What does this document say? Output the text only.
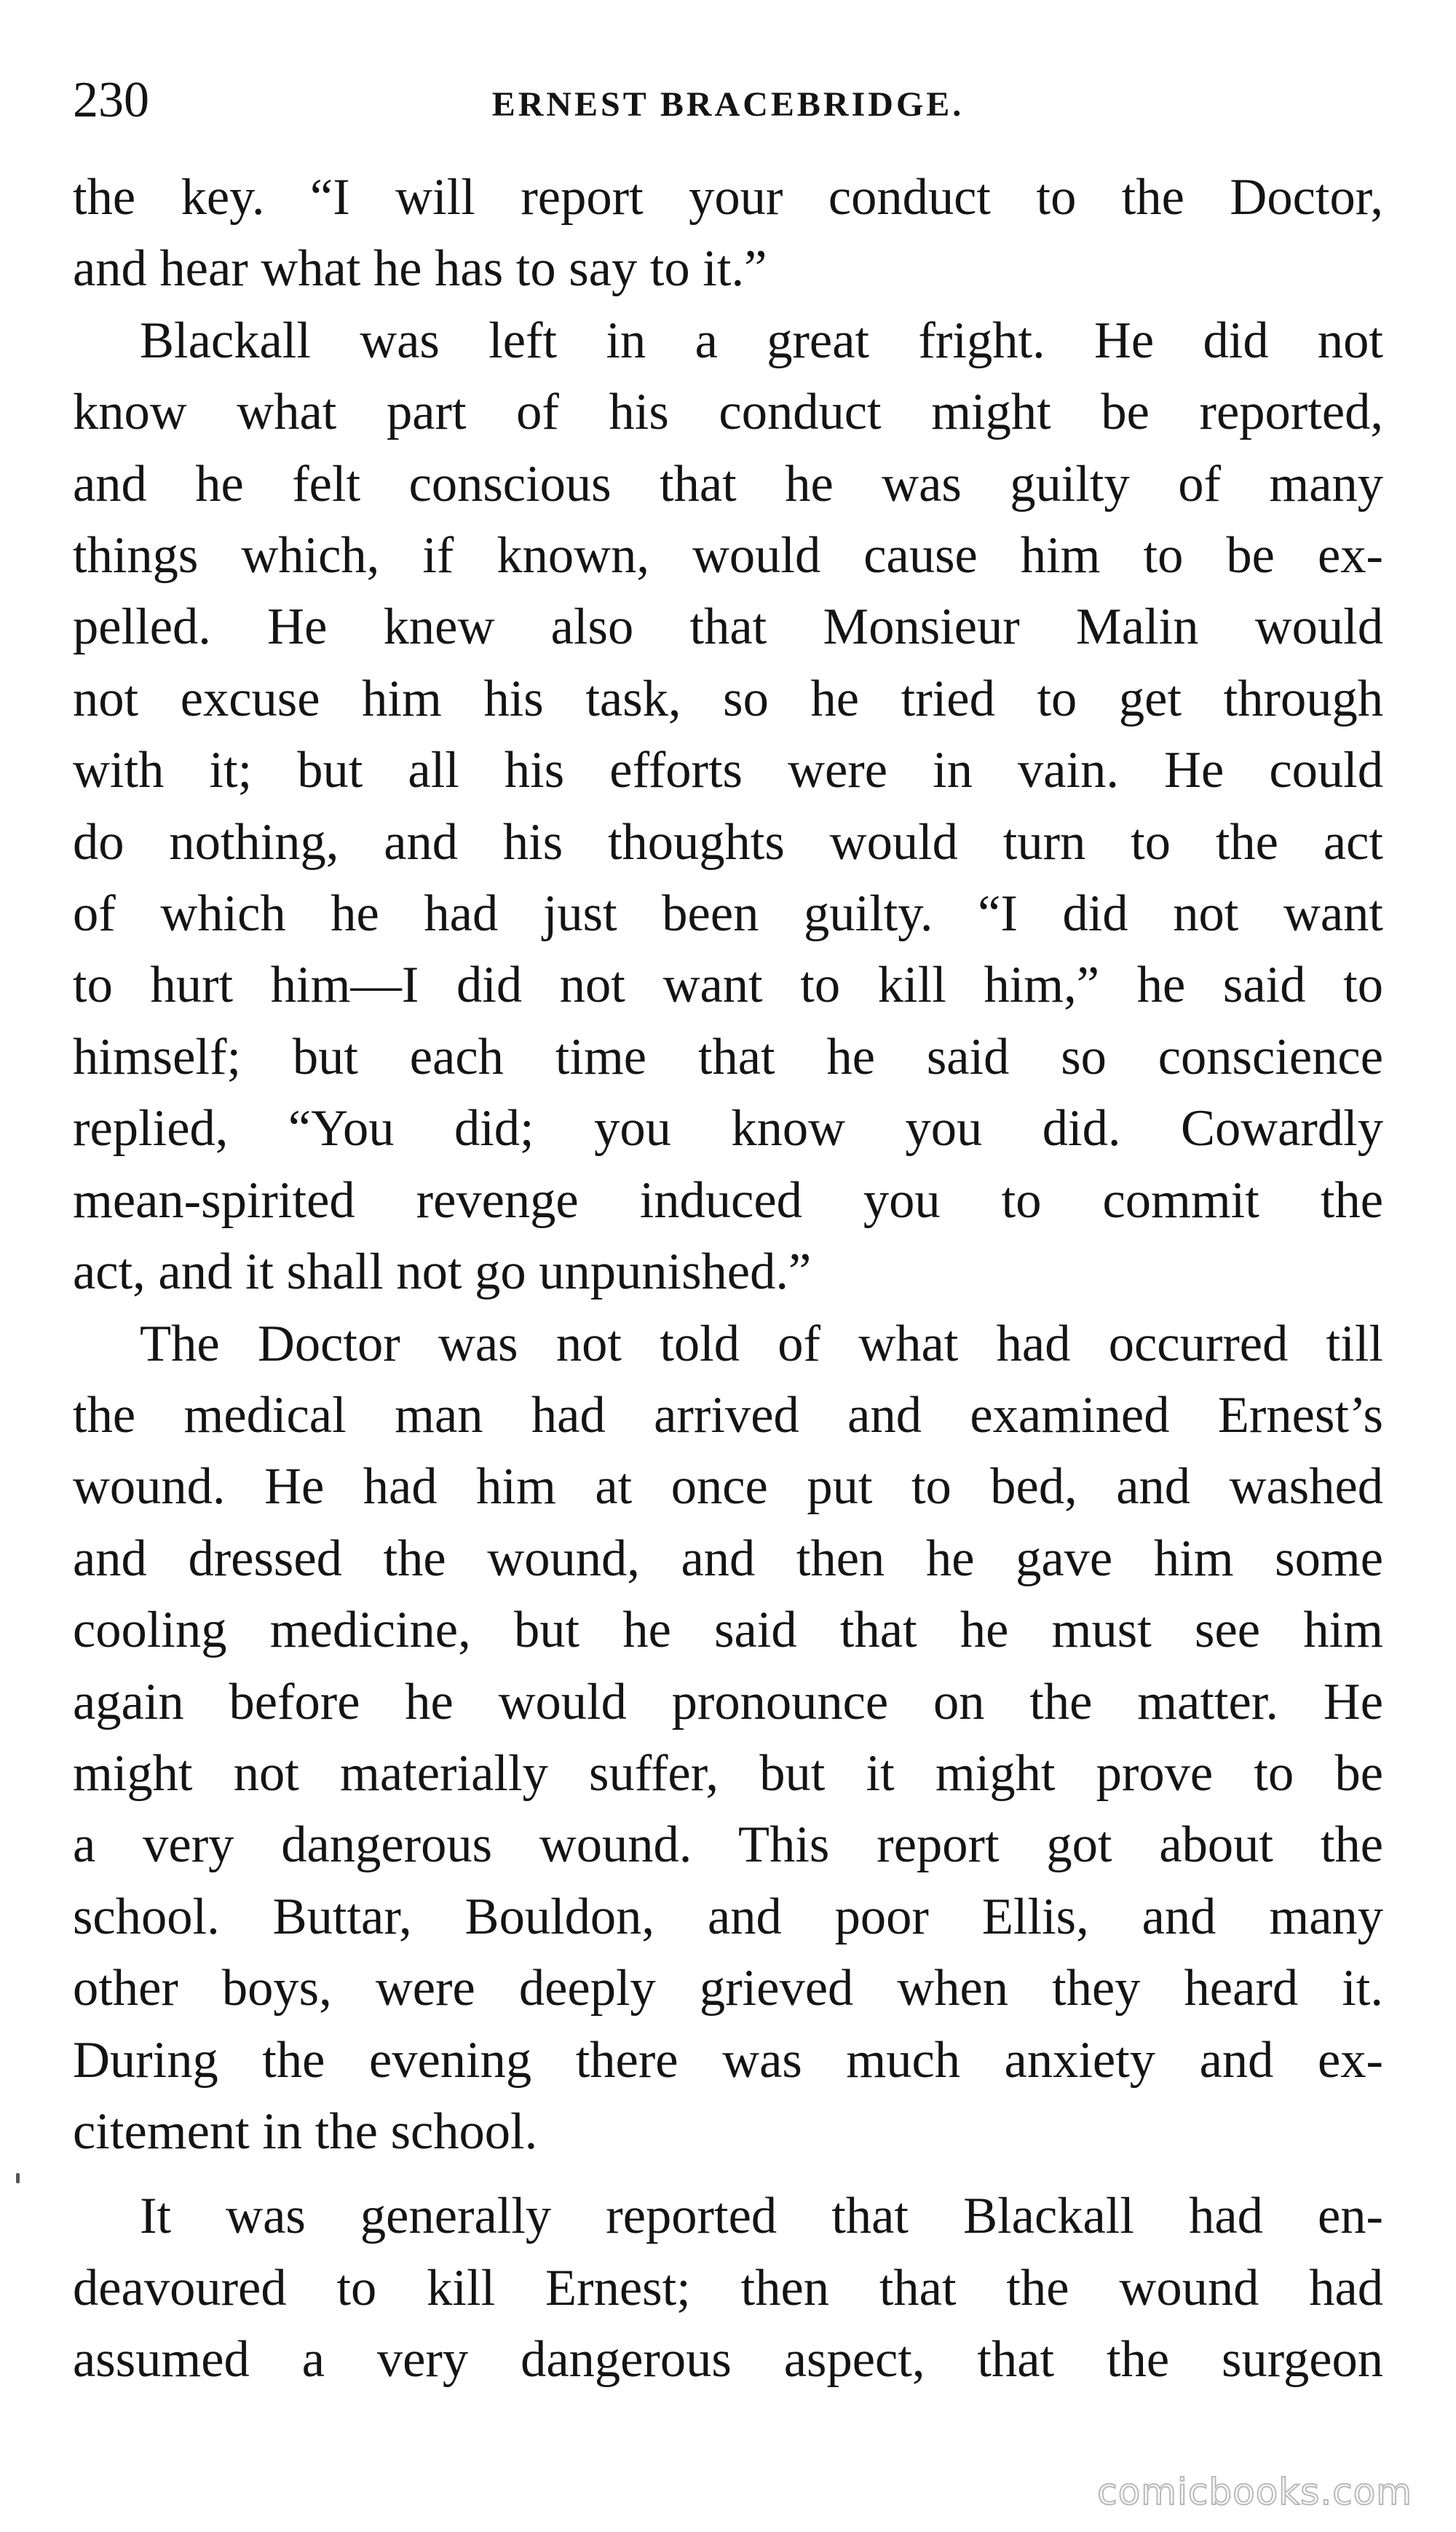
230	ERNEST BRACEBRIDGE.

the key. “I will report your conduct to the Doctor,
and hear what he has to say to it.”

Blackall was left in a great fright. He did not
know what part of his conduct might be reported,
and he felt conscious that he was guilty of many
things which, if known, would cause him to be ex-
pelled. He knew also that Monsieur Malin would
not excuse him his task, so he tried to get through
with it; but all his efforts were in vain. He could
do nothing, and his thoughts would turn to the act
of which he had just been guilty. “I did not want
to hurt him—I did not want to kill him,” he said to
himself; but each time that he said so conscience
replied, “You did; you know you did. Cowardly
mean-spirited revenge induced you to commit the
act, and it shall not go unpunished.”

The Doctor was not told of what had occurred till
the medical man had arrived and examined Ernest’s
wound. He had him at once put to bed, and washed
and dressed the wound, and then he gave him some
cooling medicine, but he said that he must see him
again before he would pronounce on the matter. He
might not materially suffer, but it might prove to be
a very dangerous wound. This report got about the
school. Buttar, Bouldon, and poor Ellis, and many
other boys, were deeply grieved when they heard it.
During the evening there was much anxiety and ex-
citement in the school.

It was generally reported that Blackall had en-
deavoured to kill Ernest; then that the wound had
assumed a very dangerous aspect, that the surgeon

comicbooks.com
